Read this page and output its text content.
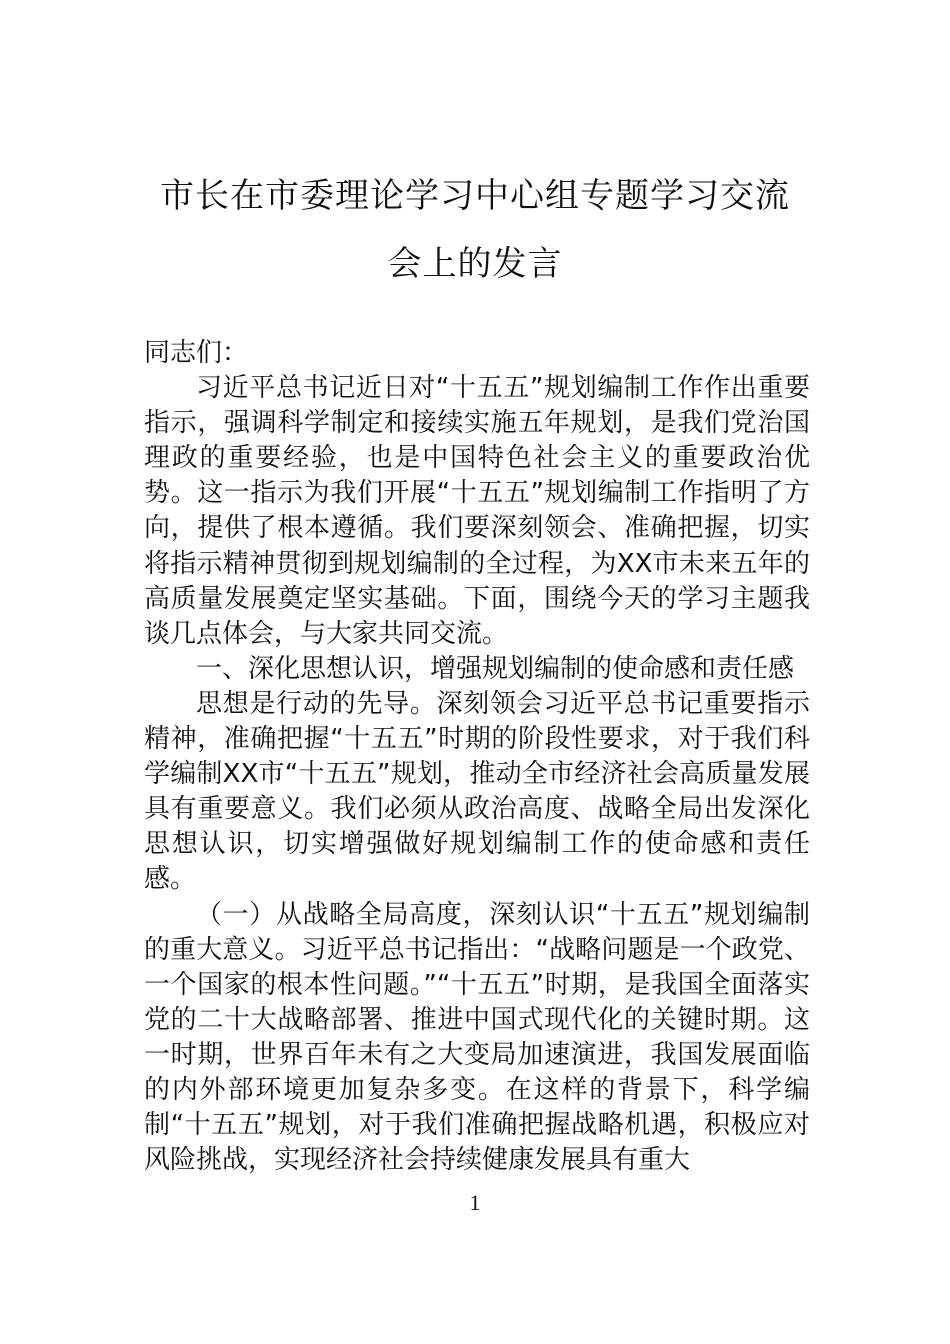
市长在市委理论学习中心组专题学习交流
会上的发言

同志们：

习近平总书记近日对“十五五”规划编制工作作出重要指示，强调科学制定和接续实施五年规划，是我们党治国理政的重要经验，也是中国特色社会主义的重要政治优势。这一指示为我们开展“十五五”规划编制工作指明了方向，提供了根本遵循。我们要深刻领会、准确把握，切实将指示精神贯彻到规划编制的全过程，为XX市未来五年的高质量发展奠定坚实基础。下面，围绕今天的学习主题我谈几点体会，与大家共同交流。

一、深化思想认识，增强规划编制的使命感和责任感

思想是行动的先导。深刻领会习近平总书记重要指示精神，准确把握“十五五”时期的阶段性要求，对于我们科学编制XX市“十五五”规划，推动全市经济社会高质量发展具有重要意义。我们必须从政治高度、战略全局出发深化思想认识，切实增强做好规划编制工作的使命感和责任感。

（一）从战略全局高度，深刻认识“十五五”规划编制的重大意义。习近平总书记指出：“战略问题是一个政党、一个国家的根本性问题。”“十五五”时期，是我国全面落实党的二十大战略部署、推进中国式现代化的关键时期。这一时期，世界百年未有之大变局加速演进，我国发展面临的内外部环境更加复杂多变。在这样的背景下，科学编制“十五五”规划，对于我们准确把握战略机遇，积极应对风险挑战，实现经济社会持续健康发展具有重大

1
